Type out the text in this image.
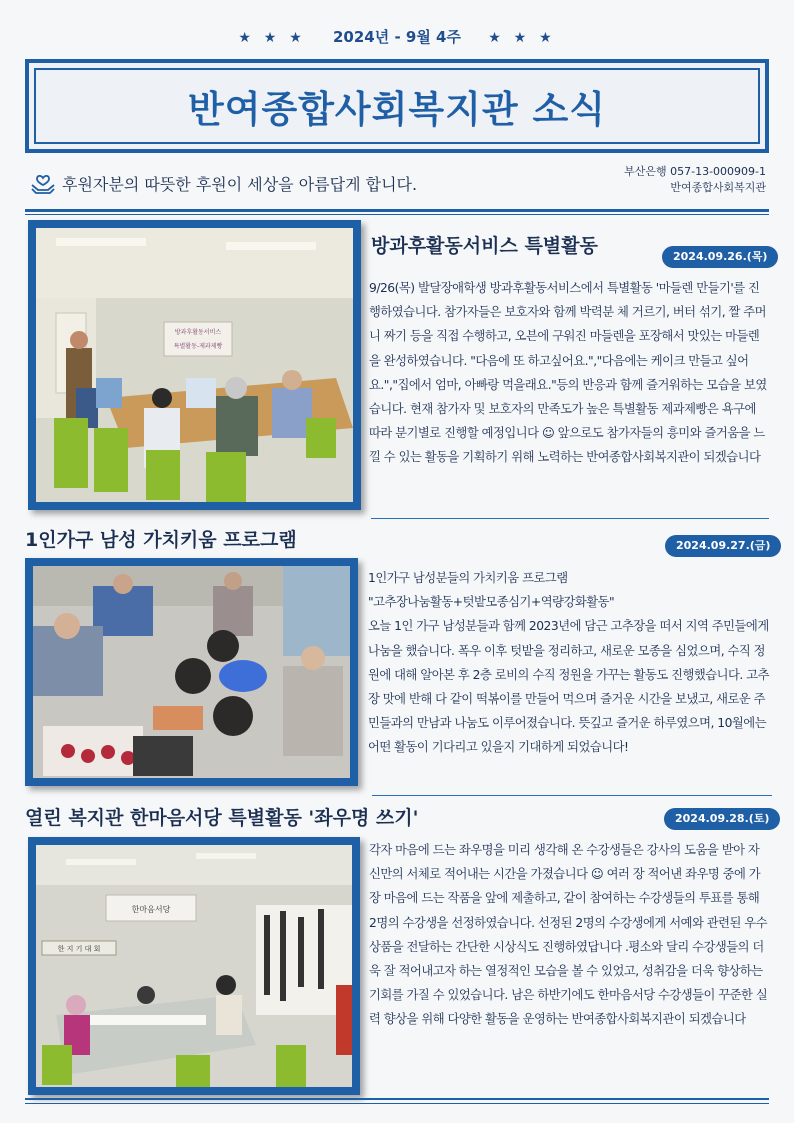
★ ★ ★ 2024년 - 9월 4주 ★ ★ ★
반여종합사회복지관 소식
후원자분의 따뜻한 후원이 세상을 아름답게 합니다.
부산은행 057-13-000909-1
반여종합사회복지관
방과후활동서비스
특별활동-제과제빵
방과후활동서비스 특별활동	2024.09.26.(목)
9/26(목) 발달장애학생 방과후활동서비스에서 특별활동 '마들렌 만들기'를 진행하였습니다. 참가자들은 보호자와 함께 박력분 체 거르기, 버터 섞기, 짤 주머니 짜기 등을 직접 수행하고, 오븐에 구워진 마들렌을 포장해서 맛있는 마들렌을 완성하였습니다. "다음에 또 하고싶어요.","다음에는 케이크 만들고 싶어요.","집에서 엄마, 아빠랑 먹을래요."등의 반응과 함께 즐거워하는 모습을 보였습니다. 현재 참가자 및 보호자의 만족도가 높은 특별활동 제과제빵은 욕구에 따라 분기별로 진행할 예정입니다 ☺ 앞으로도 참가자들의 흥미와 즐거움을 느낄 수 있는 활동을 기획하기 위해 노력하는 반여종합사회복지관이 되겠습니다
1인가구 남성 가치키움 프로그램	2024.09.27.(금)

1인가구 남성분들의 가치키움 프로그램

"고추장나눔활동+텃밭모종심기+역량강화활동"

오늘 1인 가구 남성분들과 함께 2023년에 담근 고추장을 떠서 지역 주민들에게 나눔을 했습니다. 폭우 이후 텃밭을 정리하고, 새로운 모종을 심었으며, 수직 정원에 대해 알아본 후 2층 로비의 수직 정원을 가꾸는 활동도 진행했습니다. 고추장 맛에 반해 다 같이 떡볶이를 만들어 먹으며 즐거운 시간을 보냈고, 새로운 주민들과의 만남과 나눔도 이루어졌습니다. 뜻깊고 즐거운 하루였으며, 10월에는 어떤 활동이 기다리고 있을지 기대하게 되었습니다!

열린 복지관 한마음서당 특별활동 '좌우명 쓰기'	2024.09.28.(토)
한마음서당
한 지 기 대 회
각자 마음에 드는 좌우명을 미리 생각해 온 수강생들은 강사의 도움을 받아 자신만의 서체로 적어내는 시간을 가졌습니다 ☺ 여러 장 적어낸 좌우명 중에 가장 마음에 드는 작품을 앞에 제출하고, 같이 참여하는 수강생들의 투표를 통해 2명의 수강생을 선정하였습니다. 선정된 2명의 수강생에게 서예와 관련된 우수 상품을 전달하는 간단한 시상식도 진행하였답니다 .평소와 달리 수강생들의 더욱 잘 적어내고자 하는 열정적인 모습을 볼 수 있었고, 성취감을 더욱 향상하는 기회를 가질 수 있었습니다. 남은 하반기에도 한마음서당 수강생들이 꾸준한 실력 향상을 위해 다양한 활동을 운영하는 반여종합사회복지관이 되겠습니다
